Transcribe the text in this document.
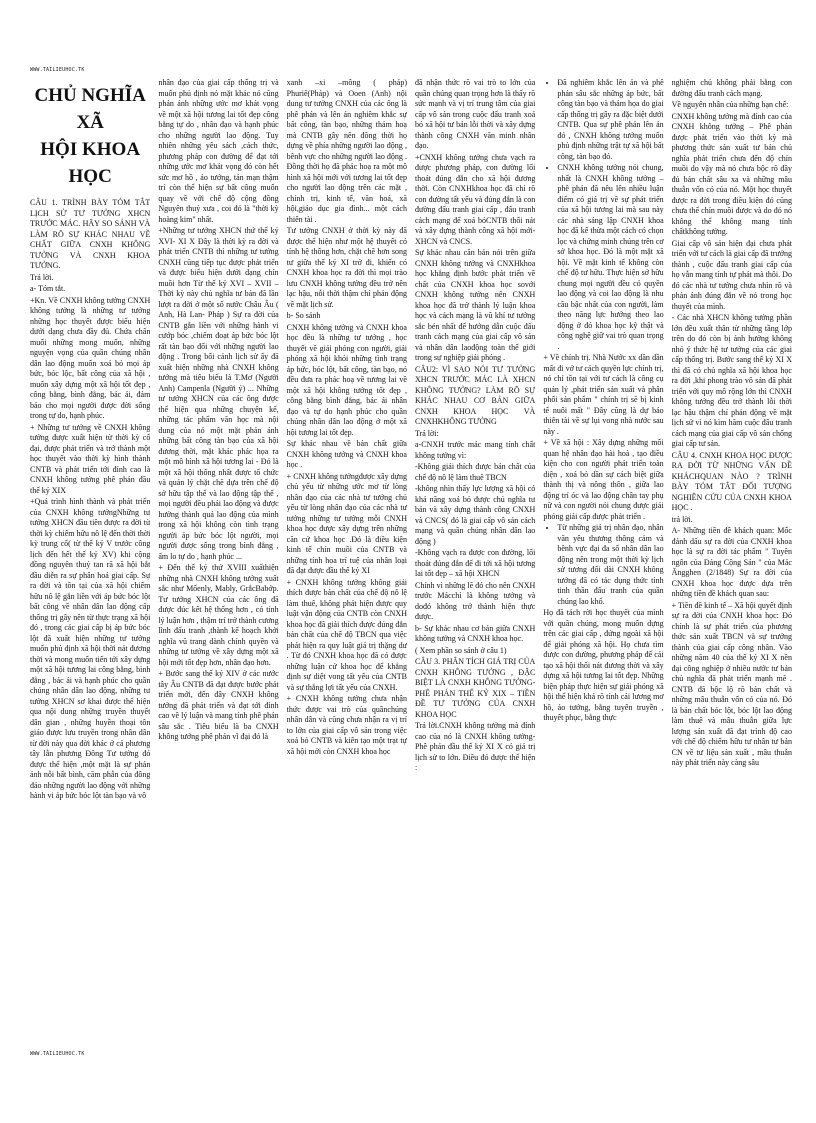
WWW.TAILIEUHOC.TK
CHỦ NGHĨA XÃ
HỘI KHOA
HỌC

CÂU 1. TRÌNH BÀY TÓM TẮT LỊCH SỬ TƯ TƯỞNG XHCN TRƯỚC MÁC. HÃY SO SÁNH VÀ LÀM RÕ SỰ KHÁC NHAU VỀ CHẤT GIỮA CNXH KHÔNG TƯỞNG VÀ CNXH KHOA TƯỞNG.

Trả lời.

a- Tóm tắt.

+Kn. Về CNXH không tưởng CNXH không tưởng là những tư tưởng những học thuyết được biểu hiện dưới dạng chưa đầy đủ. Chứa chấn muối những mong muốn, những nguyện vọng của quần chúng nhân dân lao động muốn xoá bỏ mọi áp bức, bóc lộc, bất công của xã hội , muốn xây dựng một xã hội tốt đẹp , công bằng, bình đẳng, bác ái, đảm bảo cho mọi người được đời sống trong tự do, hạnh phúc.

+ Những tư tưởng về CNXH không tưởng được xuất hiện từ thời kỳ cổ đại, được phát triển và trở thành một học thuyết vào thời kỳ hình thành CNTB và phát triển tới đỉnh cao là CNXH không tưởng phê phán đầu thế kỷ XIX

+Quá trình hình thành và phát triển của CNXH không tưởngNhững tư tưởng XHCN đầu tiên được ra đời từ thời kỳ chiếm hữu nô lệ đến thời thời kỳ trung cổ( từ thế kỷ V trước công lịch đến hết thế kỷ XV) khi cộng đồng nguyên thuỷ tan rã xã hội bắt đầu diễn ra sự phân hoá giai cấp. Sự ra đời và tồn tại của xã hội chiếm hữu nô lệ gắn liền với áp bức bóc lột bất công về nhân dân lao động cấp thống trị gây nên từ thực trạng xã hội đó , trong các giai cấp bị áp bức bóc lột đã xuất hiện những tư tưởng muốn phủ định xã hội thời nát đương thời và mong muốn tiến tới xây dựng một xã hội tương lai công bằng, bình đẳng , bác ái và hạnh phúc cho quần chúng nhân dân lao động, những tư tưởng XHCN sơ khai được thể hiện qua nội dung những truyền thuyết dân gian , những huyền thoại tôn giáo được lưu truyền trong nhân dân từ đời này qua đời khác ở cả phương tây lẫn phương Đông Tư tưởng đó được thể hiện ,một mặt là sự phản ánh nỗi bất bình, căm phẫn của đông đảo những người lao động với những hành vi áp bức bóc lột tàn bạo và vô

nhân đạo của giai cấp thống trị và muốn phủ định nó mặt khác nó cũng phản ánh những ước mơ khát vọng về một xã hội tương lai tốt đẹp công bằng tự do , nhân đạo và hạnh phúc cho những người lao động. Tuy nhiên những yêu sách ,cách thức, phương pháp con đường để đạt tới những ước mơ khát vọng đó còn hết sức mơ hồ , ảo tưởng, tản mạn thậm trí còn thể hiện sự bất công muốn quay về với chế độ cộng đồng Nguyên thuỷ xưa , coi đó là "thời kỳ hoàng kim" nhất.

+Những tư tưởng XHCN thứ thế kỷ XVI- XI X Đây là thời kỳ ra đời và phát triển CNTB thì những tư tưởng CNXH cũng tiếp tục được phát triển và được biểu hiện dưới dạng chín muồi hơn Từ thế kỷ XVI – XVII – Thời kỳ này chủ nghĩa tư bản đã lần lượt ra đời ở một số nước Châu Âu ( Anh, Hà Lan- Pháp ) Sự ra đời của CNTB gắn liền với những hành vi cướp bóc ,chiếm đoạt áp bức bóc lột rất tàn bạo đối với những người lao động . Trong bối cảnh lịch sử ấy đã xuất hiện những nhà CNXH không tưởng mà tiêu biểu là T.Mơ (Người Anh) Campenla (Người ý) ... Những tư tưởng XHCN của các ông được thể hiện qua những chuyện kể, những tác phẩm văn học mà nội dung của nó một mặt phản ánh những bất công tàn bạo của xã hội đương thời, mặt khác phác họa ra một mô hình xã hội tương lai - Đó là một xã hội thống nhất được tổ chức và quản lý chặt chẽ dựa trên chế độ sở hữu tập thể và lao động tập thể , mọi người đều phải lao động và được hưởng thành quả lao động của mình trong xã hội không còn tình trạng người áp bức bóc lột người, mọi người được sống trong bình đẳng , ấm lo tự do , hạnh phúc ...

+ Đến thế kỷ thứ XVIII xuấthiện những nhà CNXH không tưởng xuất sắc như Mốenly, Mably, GrắcBabớp. Tư tưởng XHCN của các ông đã được đúc kết hệ thống hơn , có tính lý luận hơn , thậm trí trở thành cương lĩnh đấu tranh ,thành kế hoạch khởi nghĩa vũ trang dành chính quyền và những tư tưởng về xây dựng một xã hội mới tốt đẹp hơn, nhân đạo hơn.

+ Bước sang thế kỷ XIV ở các nước tây Âu CNTB đã đạt được bước phát triển mới, đến đây CNXH không tưởng đã phát triển và đạt tới đỉnh cao về lý luận và mang tính phê phán sâu sắc . Tiêu biểu là ba CNXH không tưởng phê phán vĩ đại đó là

xanh –xi –mông ( pháp) Phuriê(Pháp) và Ooen (Anh) nội dung tư tưởng CNXH của các ông là phê phán và lên án nghiêm khắc sự bất công, tàn bạo, những thảm hoạ mà CNTB gây nên đồng thời họ dựng về phía những người lao động , bênh vực cho những người lao động . Đồng thời họ đã phác hoạ ra một mô hình xã hội mới với tương lai tốt đẹp cho người lao động trên các mặt , chính trị, kinh tế, văn hoá, xã hội,giáo dục gia đình... một cách thiên tài .

Tư tưởng CNXH ở thời kỳ này đã được thể hiện như một hệ thuyết có tính hệ thống hơn, chặt chẽ hơn song tư giữa thế kỷ XI trở đi, khiến có CNXH khoa học ra đời thì mọi trào lưu CNXH không tưởng đều trở nên lạc hậu, nỗi thời thậm chí phản động về mặt lịch sử.

b- So sánh

CNXH không tưởng và CNXH khoa học đều là những tư tưởng , học thuyết về giải phóng con người, giải phóng xã hội khỏi những tình trạng áp bức, bóc lột, bất công, tàn bạo, nó đều đưa ra phác hoạ về tương lai về một xã hội không tưởng tốt đẹp , công bằng bình đẳng, bác ái nhân đạo và tự do hạnh phúc cho quần chúng nhân dân lao động ở một xã hội tương lai tốt đẹp.

Sự khác nhau về bản chất giữa CNXH không tưởng và CNXH khoa học .

+ CNXH không tưởngđược xây dựng chủ yếu từ những ước mơ từ lòng nhân đạo của các nhà tư tưởng chủ yếu từ lòng nhân đạo của các nhà tư tưởng những tư tưởng mỗi CNXH khoa học được xây dựng trên những căn cứ khoa học .Đó là điều kiện kinh tế chín muồi của CNTB và những tính hoa trí tuệ của nhân loại đã đạt được đầu thế kỷ XI

+ CNXH không tưởng không giải thích được bản chất của chế độ nô lệ làm thuê, không phát hiện được quy luật vận động của CNTB còn CNXH khoa học đã giải thích được đúng đắn bản chất của chế độ TBCN qua việc phát hiện ra quy luật giá trị thặng dư . Từ đó CNXH khoa học đã có được những luận cứ khoa học để khẳng định sự diệt vong tất yếu của CNTB và sự thắng lợi tất yếu của CNXH.

+ CNXH không tưởng chưa nhận thức được vai trò của quầnchúng nhân dân và cũng chưa nhận ra vị trí to lớn của giai cấp vô sản trong việc xoá bỏ CNTB và kiến tạo một trạt tự xã hội mới còn CNXH khoa học

đã nhận thức rõ vai trò to lớn của quần chúng quan trọng hơn là thấy rõ sức mạnh và vị trí trung tâm của giai cấp vô sản trong cuộc đấu tranh xoá bỏ xã hội tư bản lỗi thời và xây dựng thành công CNXH văn minh nhân đạo.

+CNXH không tưởng chưa vạch ra được phương pháp, con đường lối thoát đúng đắn cho xã hội đương thời. Còn CNXHkhoa học đã chỉ rõ con đường tất yếu và đúng đắn là con đường đấu tranh giai cấp , đấu tranh cách mạng để xoá bỏCNTB thối nát và xây dựng thành công xã hội mới-XHCN và CNCS.

Sự khác nhau căn bản nói trên giữa CNXH không tưởng và CNXHkhoa học khẳng định bước phát triển về chất của CNXH khoa học sovới CNXH không tưởng nên CNXH khoa học đã trở thành lý luận khoa học và cách mạng là vũ khí tư tưởng sắc bén nhất để hướng dẫn cuộc đấu tranh cách mạng của giai cấp vô sản và nhân dân laođộng toàn thế giới trong sự nghiệp giải phóng .

CÂU2: VÌ SAO NÓI TƯ TƯỞNG XHCN TRƯỚC MÁC LÀ XHCN KHÔNG TƯỞNG? LÀM RÕ SỰ KHÁC NHAU CƠ BẢN GIỮA CNXH KHOA HỌC VÀ CNXHKHÔNG TƯỞNG

Trả lời:

a-CNXH trước mác mang tính chất không tưởng vì:

-Không giải thích được bản chất của chế độ nô lệ làm thuê TBCN

-không nhìn thấy lực lượng xã hội có khả năng xoá bỏ được chủ nghĩa tư bản và xây dựng thành công CNXH và CNCS( đó là giai cấp vô sản cách mạng và quần chúng nhân dân lao động )

-Không vạch ra được con đường, lối thoát đúng đắn để đi tới xã hội tương lai tốt đẹp – xã hội XHCN

Chính vì những lẽ đó cho nên CNXH trước Mácchỉ là không tưởng và dođó không trở thành hiện thực được.

b- Sự khác nhau cơ bản giữa CNXH không tưởng và CNXH khoa học.

( Xem phần so sánh ở câu 1)

CÂU 3. PHÂN TÍCH GIÁ TRỊ CỦA CNXH KHÔNG TƯỞNG , ĐẶC BIỆT LÀ CNXH KHÔNG TƯỞNG-PHÊ PHÁN THẾ KỶ XIX – TIỀN ĐỀ TƯ TƯỞNG CỦA CNXH KHOA HỌC

Trả lời.CNXH không tưởng mà đỉnh cao của nó là CNXH không tưởng-Phê phán đầu thế kỷ XI X có giá trị lịch sử to lớn. Điều đó được thể hiện :

• Đã nghiêm khắc lên án và phê phán sâu sắc những áp bức, bất công tàn bạo và thảm họa do giai cấp thống trị gây ra đặc biệt dưới CNTB. Qua sự phê phán lên án đó , CNXH không tưởng muốn phủ định những trật tự xã hội bất công, tàn bạo đó.
• CNXH không tưởng nói chung, nhất là CNXH không tưởng – phê phán đã nêu lên nhiều luận điểm có giá trị về sự phát triển của xã hội tương lai mà sau này các nhà sáng lập CNXH khoa học đã kế thừa một cách có chọn lọc và chứng minh chúng trên cơ sở khoa học. Đó là một mặt xã hội. Về mặt kinh tế không còn chế độ tư hữu. Thực hiện sở hữu chung mọi người đều có quyền lao động và coi lao động là nhu cầu bậc nhất của con người, làm theo năng lực hưởng theo lao động ở đó khoa học kỹ thật và công nghệ giữ vai trò quan trọng .

+ Về chính trị. Nhà Nước xx dần dần mất đi vớ tư cách quyền lực chính trị, nó chỉ tồn tại với tư cách là công cụ quản lý ,phát triển sản xuất và phân phối sản phẩm " chính trị sẽ bị kinh tế nuôi mất " Đây cũng là dự báo thiên tài về sự lụi vong nhà nước sau này .

+ Về xã hội : Xây dựng những mối quan hệ nhân đạo hài hoà , tạo điều kiện cho con người phát triển toàn diện , xoá bỏ dần sự cách biệt giữa thành thị và nông thôn , giữa lao động trí óc và lao động chân tay phụ nữ và con người nói chung được giải phóng giải cấp được phát triển .

• Từ những giá trị nhân đạo, nhân văn yêu thương thông cảm và bênh vực đại đa số nhân dân lao động nên trong một thời kỳ lịch sử tương đối dài CNXH không tưởng đã có tác dụng thức tỉnh tinh thần đấu tranh của quần chúng lao khổ.

Họ đã tách rời học thuyết của mình với quần chúng, mong muốn dựng trên các giai cấp , đứng ngoài xã hội để giải phóng xã hội. Họ chưa tìm được con đường, phương pháp để cải tạo xã hội thối nát đương thời và xây dựng xã hội tương lai tốt đẹp. Những biện pháp thực hiện sự giải phóng xã hội thể hiện khá rõ tính cải lương mơ hồ, ảo tưởng, bằng tuyên truyền , thuyết phục, bằng thực

nghiệm chủ không phải bằng con đường đấu tranh cách mạng.

Về nguyên nhân của những hạn chế:

CNXH không tưởng mà đỉnh cao của CNXH không tưởng – Phê phán được phát triển vào thời kỳ mà phương thức sản xuất tư bản chủ nghĩa phát triển chưa đến độ chín muồi do vậy mà nó chưa bộc rõ đầy đủ bản chất sâu xa và những mâu thuẫn vốn có của nó. Một học thuyết được ra đời trong điều kiện đó cũng chưa thể chín muồi được và do đó nó không thể không mang tính chấtkhông tưởng.

Giai cấp vô sản hiện đại chưa phát triển với tư cách là giai cấp đã trưởng thành , cuộc đấu tranh giai cấp của họ vẫn mang tính tự phát mà thôi. Do đó các nhà tư tưởng chưa nhìn rõ và phản ánh đúng đắn về nó trong học thuyết của mình.

- Các nhà XHCN không tưởng phần lớn đều xuất thân từ những tầng lớp trên do đó còn bị ảnh hưởng không nhỏ ý thức hệ tư tưởng của các giai cấp thống trị. Bước sang thế kỷ XI X thì đã có chủ nghĩa xã hội khoa học ra đời ,khi phong trào vô sản đã phát triển với quy mô rộng lớn thì CNXH không tưởng đều trở thành lỗi thời lạc hậu thậm chí phản động về mặt lịch sử vì nó kìm hãm cuộc đấu tranh cách mạng của giai cấp vô sản chống giai cấp tư sản.

CÂU 4. CNXH KHOA HỌC ĐƯỢC RA ĐỜI TỪ NHỮNG VẤN ĐỀ KHÁCHQUAN NÀO ? TRÌNH BÀY TÓM TẮT ĐỐI TƯỢNG NGHIÊN CỨU CỦA CNXH KHOA HỌC .

trả lời.

A- Những tiền đề khách quan: Mốc đánh dấu sự ra đời của CNXH khoa học là sự ra đời tác phẩm " Tuyên ngôn của Đảng Cộng Sản " của Mác Ăngghen (2/1848) Sự ra đời của CNXH khoa học được dựa trên những tiền đề khách quan sau:

+ Tiền đề kinh tế – Xã hội quyết định sự ra đời của CNXH khoa học: Đó chính là sự phát triển của phương thức sản xuất TBCN và sự trưởng thành của giai cấp công nhân. Vào những năm 40 của thế kỷ XI X nền đại công nghiệp ở nhiều nước tư bản chủ nghĩa đã phát triển mạnh mẽ . CNTB đã bộc lộ rõ bản chất và những mâu thuẫn vốn có của nó. Đó là bản chất bóc lột, bóc lột lao động làm thuê và mâu thuẫn giữa lực lượng sản xuất đã đạt trình độ cao với chế độ chiếm hữu tư nhân tư bản CN về tư liệu sản xuất , mâu thuẫn này phát triển này càng sâu

WWW.TAILIEUHOC.TK
